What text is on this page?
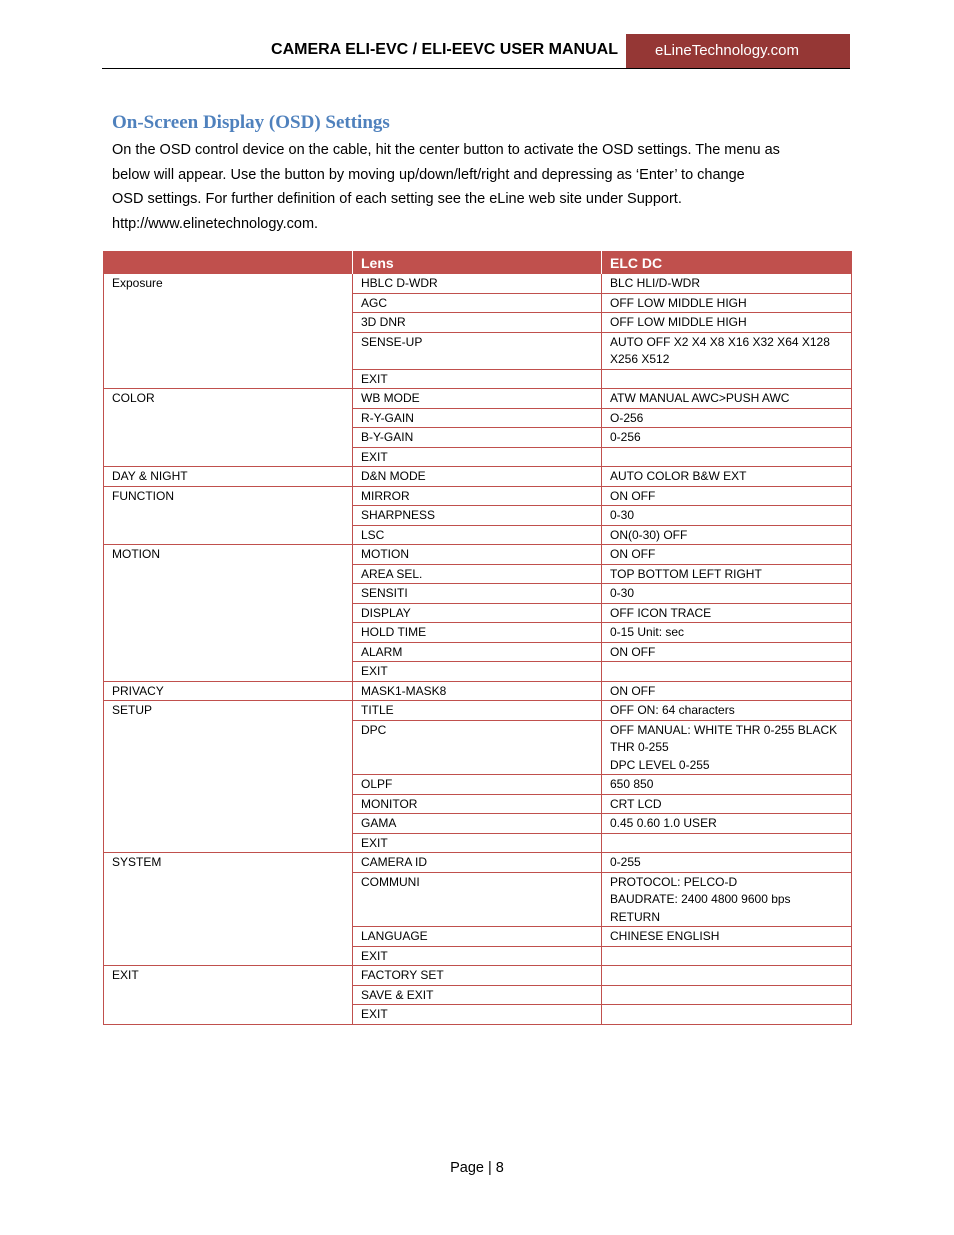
CAMERA ELI-EVC / ELI-EEVC USER MANUAL	eLineTechnology.com
On-Screen Display (OSD) Settings

On the OSD control device on the cable, hit the center button to activate the OSD settings. The menu as
below will appear. Use the button by moving up/down/left/right and depressing as ‘Enter’ to change
OSD settings. For further definition of each setting see the eLine web site under Support.
http://www.elinetechnology.com.

	Lens	ELC DC
Exposure	HBLC D-WDR	BLC HLI/D-WDR

	AGC	OFF LOW MIDDLE HIGH

	3D DNR	OFF LOW MIDDLE HIGH

	SENSE-UP	AUTO OFF X2 X4 X8 X16 X32 X64 X128
X256 X512

	EXIT	
COLOR	WB MODE	ATW MANUAL AWC>PUSH AWC

	R-Y-GAIN	O-256

	B-Y-GAIN	0-256

	EXIT	
DAY & NIGHT	D&N MODE	AUTO COLOR B&W EXT

FUNCTION	MIRROR	ON OFF

	SHARPNESS	0-30

	LSC	ON(0-30) OFF

MOTION	MOTION	ON OFF

	AREA SEL.	TOP BOTTOM LEFT RIGHT

	SENSITI	0-30

	DISPLAY	OFF ICON TRACE

	HOLD TIME	0-15 Unit: sec

	ALARM	ON OFF

	EXIT	
PRIVACY	MASK1-MASK8	ON OFF

SETUP	TITLE	OFF ON: 64 characters

	DPC	OFF MANUAL: WHITE THR 0-255 BLACK
THR 0-255
DPC LEVEL 0-255

	OLPF	650 850

	MONITOR	CRT LCD

	GAMA	0.45 0.60 1.0 USER

	EXIT	
SYSTEM	CAMERA ID	0-255

	COMMUNI	PROTOCOL: PELCO-D
BAUDRATE: 2400 4800 9600 bps
RETURN

	LANGUAGE	CHINESE ENGLISH

	EXIT	
EXIT	FACTORY SET	
	SAVE & EXIT	
	EXIT	
Page | 8
